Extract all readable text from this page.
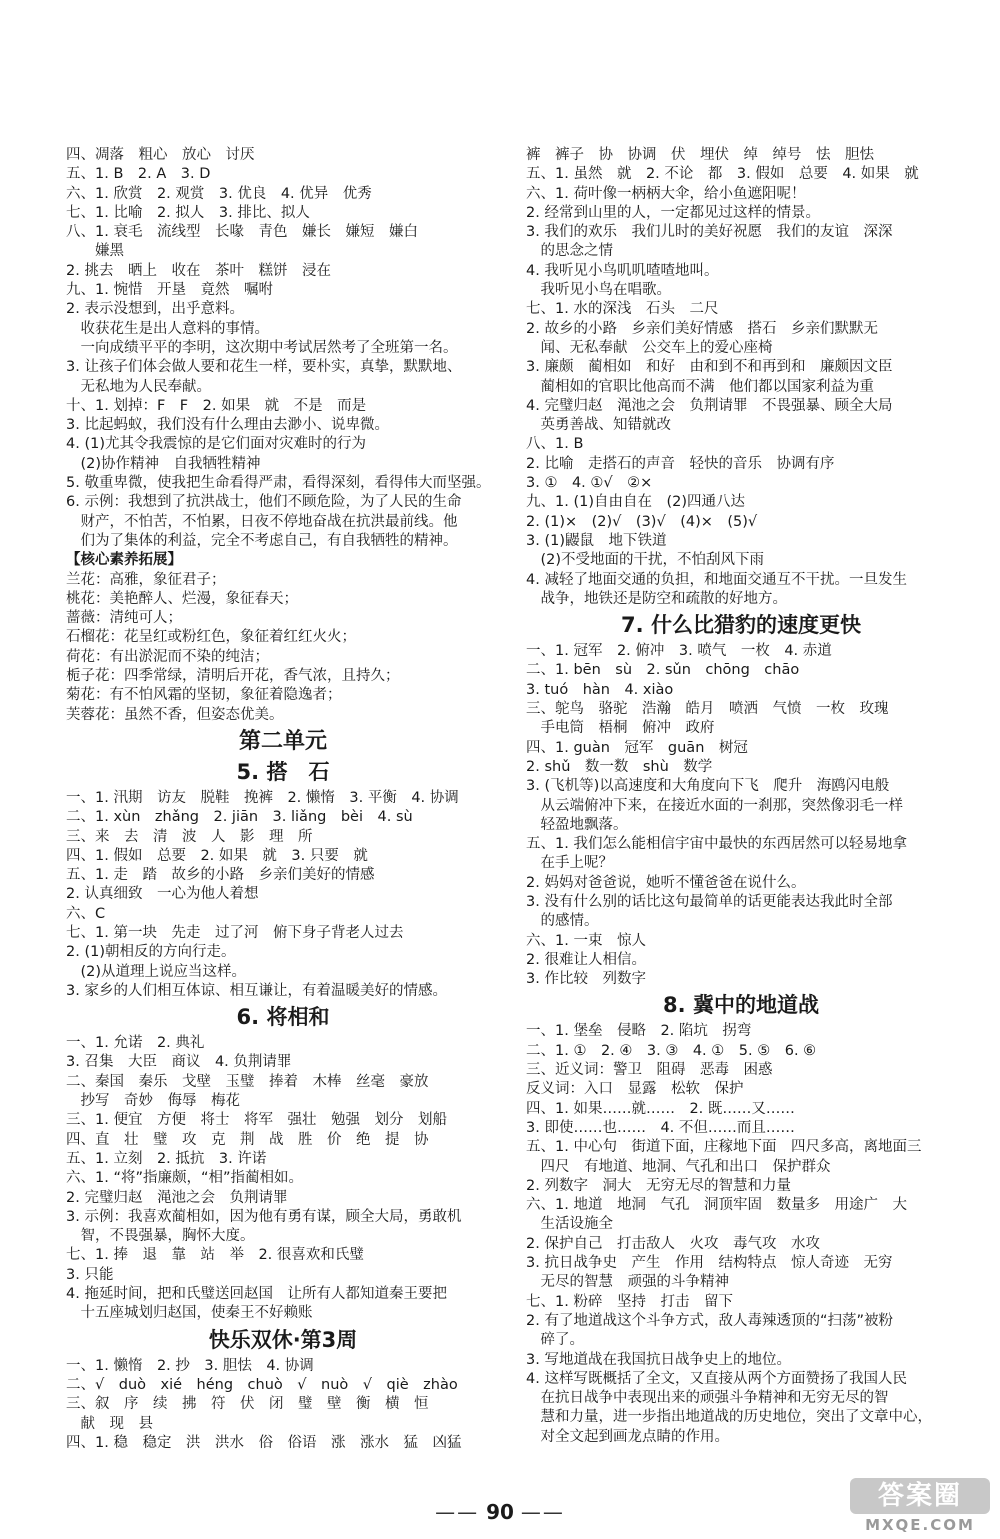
四、凋落　粗心　放心　讨厌
五、1. B　2. A　3. D
六、1. 欣赏　2. 观赏　3. 优良　4. 优异　优秀
七、1. 比喻　2. 拟人　3. 排比、拟人
八、1. 衰毛　流线型　长喙　青色　嫌长　嫌短　嫌白
　　嫌黑
2. 挑去　晒上　收在　茶叶　糕饼　浸在
九、1. 惋惜　开垦　竟然　嘱咐
2. 表示没想到，出乎意料。
　收获花生是出人意料的事情。
　一向成绩平平的李明，这次期中考试居然考了全班第一名。
3. 让孩子们体会做人要和花生一样，要朴实，真挚，默默地、
　无私地为人民奉献。
十、1. 划掉：F　F　2. 如果　就　不是　而是
3. 比起蚂蚁，我们没有什么理由去渺小、说卑微。
4. (1)尤其令我震惊的是它们面对灾难时的行为
　(2)协作精神　自我牺牲精神
5. 敬重卑微，使我把生命看得严肃，看得深刻，看得伟大而坚强。
6. 示例：我想到了抗洪战士，他们不顾危险，为了人民的生命
　财产，不怕苦，不怕累，日夜不停地奋战在抗洪最前线。他
　们为了集体的利益，完全不考虑自己，有自我牺牲的精神。
【核心素养拓展】
兰花：高雅，象征君子；
桃花：美艳醉人、烂漫，象征春天；
蔷薇：清纯可人；
石榴花：花呈红或粉红色，象征着红红火火；
荷花：有出淤泥而不染的纯洁；
栀子花：四季常绿，清明后开花，香气浓，且持久；
菊花：有不怕风霜的坚韧，象征着隐逸者；
芙蓉花：虽然不香，但姿态优美。
第二单元
5. 搭　石
一、1. 汛期　访友　脱鞋　挽裤　2. 懒惰　3. 平衡　4. 协调
二、1. xùn　zhǎng　2. jiān　3. liǎng　bèi　4. sù
三、来　去　清　波　人　影　理　所
四、1. 假如　总要　2. 如果　就　3. 只要　就
五、1. 走　踏　故乡的小路　乡亲们美好的情感
2. 认真细致　一心为他人着想
六、C
七、1. 第一块　先走　过了河　俯下身子背老人过去
2. (1)朝相反的方向行走。
　(2)从道理上说应当这样。
3. 家乡的人们相互体谅、相互谦让，有着温暖美好的情感。
6. 将相和
一、1. 允诺　2. 典礼
3. 召集　大臣　商议　4. 负荆请罪
二、秦国　秦乐　戈壁　玉璧　捧着　木棒　丝毫　豪放
　抄写　奇妙　侮辱　梅花
三、1. 便宜　方便　将士　将军　强壮　勉强　划分　划船
四、直　壮　璧　攻　克　荆　战　胜　价　绝　提　协
五、1. 立刻　2. 抵抗　3. 许诺
六、1. “将”指廉颇，“相”指蔺相如。
2. 完璧归赵　渑池之会　负荆请罪
3. 示例：我喜欢蔺相如，因为他有勇有谋，顾全大局，勇敢机
　智，不畏强暴，胸怀大度。
七、1. 捧　退　靠　站　举　2. 很喜欢和氏璧
3. 只能
4. 拖延时间，把和氏璧送回赵国　让所有人都知道秦王要把
　十五座城划归赵国，使秦王不好赖账
快乐双休·第3周
一、1. 懒惰　2. 抄　3. 胆怯　4. 协调
二、√　duò　xié　héng　chuò　√　nuò　√　qiè　zhào
三、叙　序　续　拂　符　伏　闭　璧　壁　衡　横　恒
　献　现　县
四、1. 稳　稳定　洪　洪水　俗　俗语　涨　涨水　猛　凶猛
裤　裤子　协　协调　伏　埋伏　绰　绰号　怯　胆怯
五、1. 虽然　就　2. 不论　都　3. 假如　总要　4. 如果　就
六、1. 荷叶像一柄柄大伞，给小鱼遮阳呢！
2. 经常到山里的人，一定都见过这样的情景。
3. 我们的欢乐　我们儿时的美好祝愿　我们的友谊　深深
　的思念之情
4. 我听见小鸟叽叽喳喳地叫。
　我听见小鸟在唱歌。
七、1. 水的深浅　石头　二尺
2. 故乡的小路　乡亲们美好情感　搭石　乡亲们默默无
　闻、无私奉献　公交车上的爱心座椅
3. 廉颇　蔺相如　和好　由和到不和再到和　廉颇因文臣
　蔺相如的官职比他高而不满　他们都以国家利益为重
4. 完璧归赵　渑池之会　负荆请罪　不畏强暴、顾全大局
　英勇善战、知错就改
八、1. B
2. 比喻　走搭石的声音　轻快的音乐　协调有序
3. ①　4. ①√　②×
九、1. (1)自由自在　(2)四通八达
2. (1)×　(2)√　(3)√　(4)×　(5)√
3. (1)鼹鼠　地下铁道
　(2)不受地面的干扰，不怕刮风下雨
4. 减轻了地面交通的负担，和地面交通互不干扰。一旦发生
　战争，地铁还是防空和疏散的好地方。
7. 什么比猎豹的速度更快
一、1. 冠军　2. 俯冲　3. 喷气　一枚　4. 赤道
二、1. bēn　sù　2. sǔn　chōng　chāo
3. tuó　hàn　4. xiào
三、鸵鸟　骆驼　浩瀚　皓月　喷洒　气愤　一枚　玫瑰
　手电筒　梧桐　俯冲　政府
四、1. guàn　冠军　guān　树冠
2. shǔ　数一数　shù　数学
3. (飞机等)以高速度和大角度向下飞　爬升　海鸥闪电般
　从云端俯冲下来，在接近水面的一刹那，突然像羽毛一样
　轻盈地飘落。
五、1. 我们怎么能相信宇宙中最快的东西居然可以轻易地拿
　在手上呢？
2. 妈妈对爸爸说，她听不懂爸爸在说什么。
3. 没有什么别的话比这句最简单的话更能表达我此时全部
　的感情。
六、1. 一束　惊人
2. 很难让人相信。
3. 作比较　列数字
8. 冀中的地道战
一、1. 堡垒　侵略　2. 陷坑　拐弯
二、1. ①　2. ④　3. ③　4. ①　5. ⑤　6. ⑥
三、近义词：警卫　阻碍　恶毒　困惑
反义词：入口　显露　松软　保护
四、1. 如果……就……　2. 既……又……
3. 即使……也……　4. 不但……而且……
五、1. 中心句　街道下面，庄稼地下面　四尺多高，离地面三
　四尺　有地道、地洞、气孔和出口　保护群众
2. 列数字　洞大　无穷无尽的智慧和力量
六、1. 地道　地洞　气孔　洞顶牢固　数量多　用途广　大
　生活设施全
2. 保护自己　打击敌人　火攻　毒气攻　水攻
3. 抗日战争史　产生　作用　结构特点　惊人奇迹　无穷
　无尽的智慧　顽强的斗争精神
七、1. 粉碎　坚持　打击　留下
2. 有了地道战这个斗争方式，敌人毒辣透顶的“扫荡”被粉
　碎了。
3. 写地道战在我国抗日战争史上的地位。
4. 这样写既概括了全文，又直接从两个方面赞扬了我国人民
　在抗日战争中表现出来的顽强斗争精神和无穷无尽的智
　慧和力量，进一步指出地道战的历史地位，突出了文章中心，
　对全文起到画龙点睛的作用。
—— 90 ——
答案圈
MXQE.COM
